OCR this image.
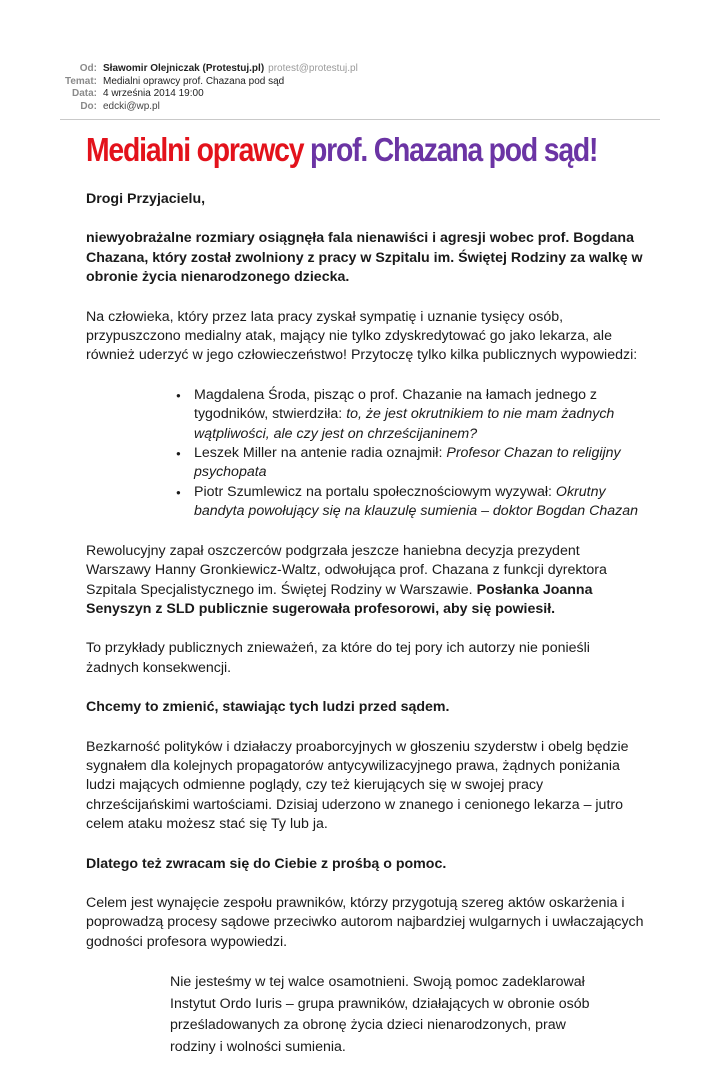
Od: Sławomir Olejniczak (Protestuj.pl) protest@protestuj.pl
Temat: Medialni oprawcy prof. Chazana pod sąd
Data: 4 września 2014 19:00
Do: edcki@wp.pl
Medialni oprawcy prof. Chazana pod sąd!

Drogi Przyjacielu,

niewyobrażalne rozmiary osiągnęła fala nienawiści i agresji wobec prof. Bogdana Chazana, który został zwolniony z pracy w Szpitalu im. Świętej Rodziny za walkę w obronie życia nienarodzonego dziecka.

Na człowieka, który przez lata pracy zyskał sympatię i uznanie tysięcy osób, przypuszczono medialny atak, mający nie tylko zdyskredytować go jako lekarza, ale również uderzyć w jego człowieczeństwo! Przytoczę tylko kilka publicznych wypowiedzi:

● Magdalena Środa, pisząc o prof. Chazanie na łamach jednego z tygodników, stwierdziła: to, że jest okrutnikiem to nie mam żadnych wątpliwości, ale czy jest on chrześcijaninem?
● Leszek Miller na antenie radia oznajmił: Profesor Chazan to religijny psychopata
● Piotr Szumlewicz na portalu społecznościowym wyzywał: Okrutny bandyta powołujący się na klauzulę sumienia – doktor Bogdan Chazan

Rewolucyjny zapał oszczerców podgrzała jeszcze haniebna decyzja prezydent Warszawy Hanny Gronkiewicz-Waltz, odwołująca prof. Chazana z funkcji dyrektora Szpitala Specjalistycznego im. Świętej Rodziny w Warszawie. Posłanka Joanna Senyszyn z SLD publicznie sugerowała profesorowi, aby się powiesił.

To przykłady publicznych znieważeń, za które do tej pory ich autorzy nie ponieśli żadnych konsekwencji.

Chcemy to zmienić, stawiając tych ludzi przed sądem.

Bezkarność polityków i działaczy proaborcyjnych w głoszeniu szyderstw i obelg będzie sygnałem dla kolejnych propagatorów antycywilizacyjnego prawa, żądnych poniżania ludzi mających odmienne poglądy, czy też kierujących się w swojej pracy chrześcijańskimi wartościami. Dzisiaj uderzono w znanego i cenionego lekarza – jutro celem ataku możesz stać się Ty lub ja.

Dlatego też zwracam się do Ciebie z prośbą o pomoc.

Celem jest wynajęcie zespołu prawników, którzy przygotują szereg aktów oskarżenia i poprowadzą procesy sądowe przeciwko autorom najbardziej wulgarnych i uwłaczających godności profesora wypowiedzi.

Nie jesteśmy w tej walce osamotnieni. Swoją pomoc zadeklarował Instytut Ordo Iuris – grupa prawników, działających w obronie osób prześladowanych za obronę życia dzieci nienarodzonych, praw rodziny i wolności sumienia.
